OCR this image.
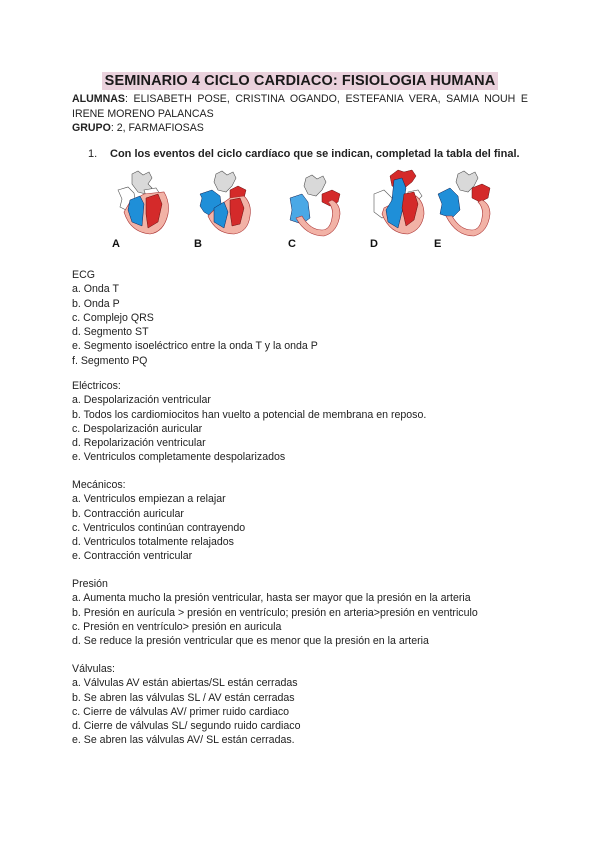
SEMINARIO 4 CICLO CARDIACO: FISIOLOGIA HUMANA
ALUMNAS: ELISABETH POSE, CRISTINA OGANDO, ESTEFANIA VERA, SAMIA NOUH E IRENE MORENO PALANCAS
GRUPO: 2, FARMAFIOSAS
1. Con los eventos del ciclo cardíaco que se indican, completad la tabla del final.
A	B	C	D	E
ECG
a. Onda T
b. Onda P
c. Complejo QRS
d. Segmento ST
e. Segmento isoeléctrico entre la onda T y la onda P
f. Segmento PQ
Eléctricos:
a. Despolarización ventricular
b. Todos los cardiomiocitos han vuelto a potencial de membrana en reposo.
c. Despolarización auricular
d. Repolarización ventricular
e. Ventriculos completamente despolarizados
Mecánicos:
a. Ventriculos empiezan a relajar
b. Contracción auricular
c. Ventriculos continúan contrayendo
d. Ventriculos totalmente relajados
e. Contracción ventricular
Presión
a. Aumenta mucho la presión ventricular, hasta ser mayor que la presión en la arteria
b. Presión en aurícula > presión en ventrículo; presión en arteria>presión en ventriculo
c. Presión en ventrículo> presión en auricula
d. Se reduce la presión ventricular que es menor que la presión en la arteria
Válvulas:
a. Válvulas AV están abiertas/SL están cerradas
b. Se abren las válvulas SL / AV están cerradas
c. Cierre de válvulas AV/ primer ruido cardiaco
d. Cierre de válvulas SL/ segundo ruido cardiaco
e. Se abren las válvulas AV/ SL están cerradas.
